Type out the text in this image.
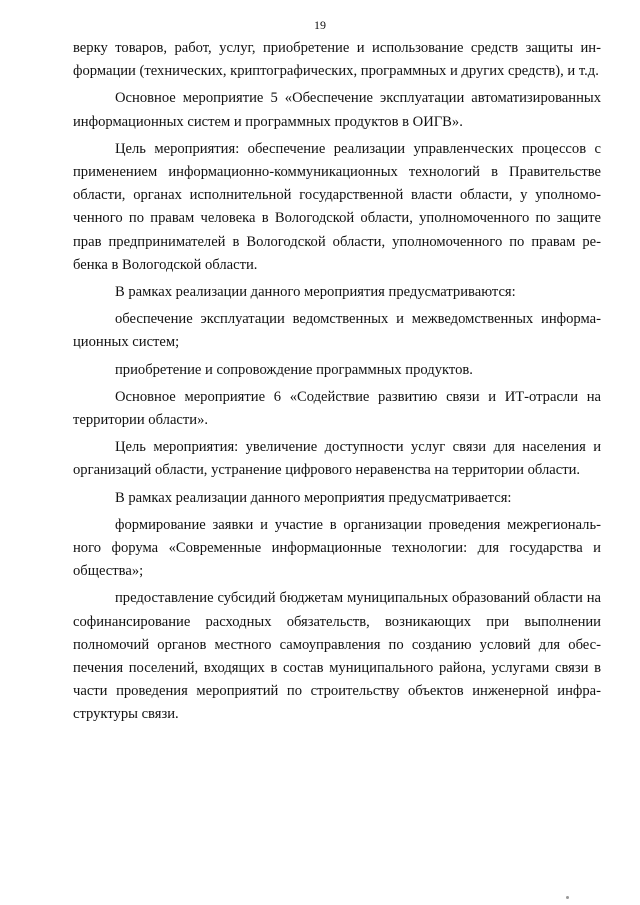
19

верку товаров, работ, услуг, приобретение и использование средств защиты информации (технических, криптографических, программных и других средств), и т.д.

Основное мероприятие 5 «Обеспечение эксплуатации автоматизированных информационных систем и программных продуктов в ОИГВ».

Цель мероприятия: обеспечение реализации управленческих процессов с применением информационно-коммуникационных технологий в Правительстве области, органах исполнительной государственной власти области, у уполномоченного по правам человека в Вологодской области, уполномоченного по защите прав предпринимателей в Вологодской области, уполномоченного по правам ребенка в Вологодской области.

В рамках реализации данного мероприятия предусматриваются:

обеспечение эксплуатации ведомственных и межведомственных информационных систем;

приобретение и сопровождение программных продуктов.

Основное мероприятие 6 «Содействие развитию связи и ИТ-отрасли на территории области».

Цель мероприятия: увеличение доступности услуг связи для населения и организаций области, устранение цифрового неравенства на территории области.

В рамках реализации данного мероприятия предусматривается:

формирование заявки и участие в организации проведения межрегионального форума «Современные информационные технологии: для государства и общества»;

предоставление субсидий бюджетам муниципальных образований области на софинансирование расходных обязательств, возникающих при выполнении полномочий органов местного самоуправления по созданию условий для обеспечения поселений, входящих в состав муниципального района, услугами связи в части проведения мероприятий по строительству объектов инженерной инфраструктуры связи.
